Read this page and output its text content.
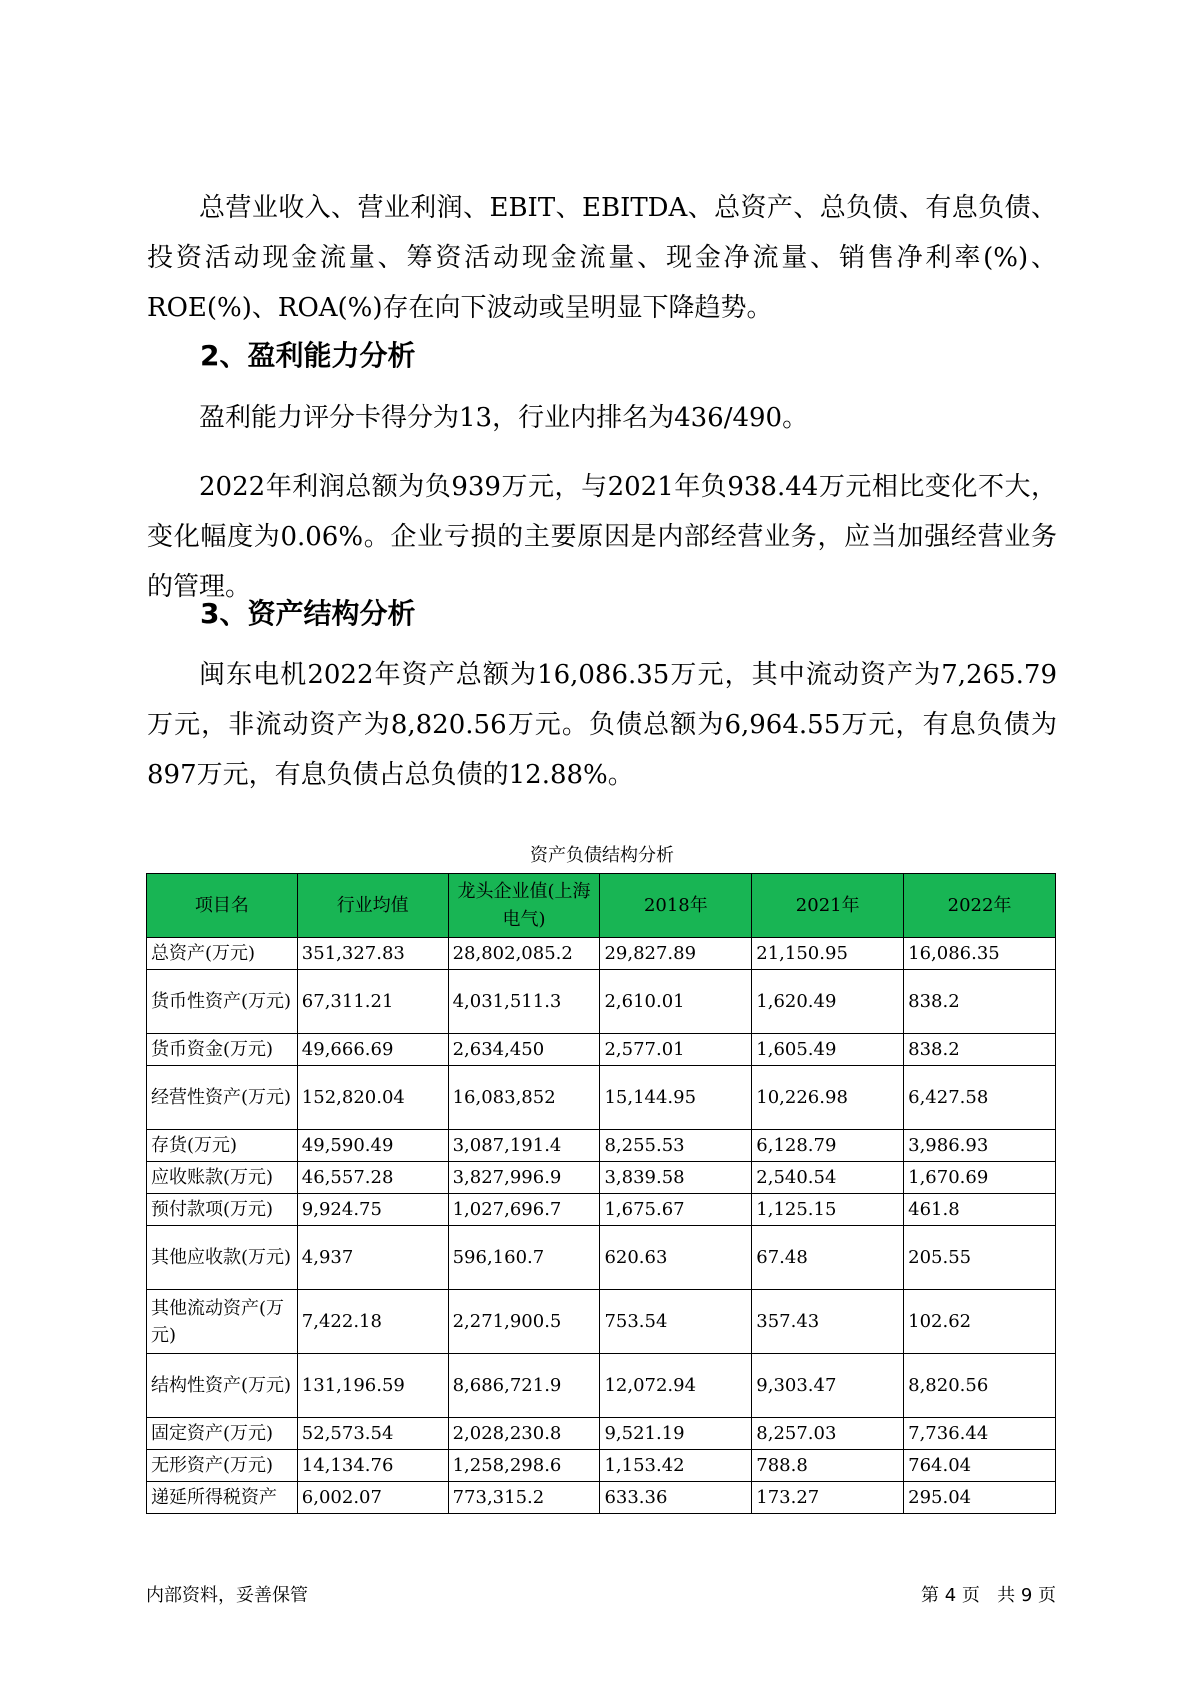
总营业收入、营业利润、EBIT、EBITDA、总资产、总负债、有息负债、投资活动现金流量、筹资活动现金流量、现金净流量、销售净利率(%)、ROE(%)、ROA(%)存在向下波动或呈明显下降趋势。

2、盈利能力分析

盈利能力评分卡得分为13，行业内排名为436/490。

2022年利润总额为负939万元，与2021年负938.44万元相比变化不大，变化幅度为0.06%。企业亏损的主要原因是内部经营业务，应当加强经营业务的管理。

3、资产结构分析

闽东电机2022年资产总额为16,086.35万元，其中流动资产为7,265.79万元，非流动资产为8,820.56万元。负债总额为6,964.55万元，有息负债为897万元，有息负债占总负债的12.88%。

资产负债结构分析
项目名	行业均值	龙头企业值(上海电气)	2018年	2021年	2022年
总资产(万元)	351,327.83	28,802,085.2	29,827.89	21,150.95	16,086.35
货币性资产(万元)	67,311.21	4,031,511.3	2,610.01	1,620.49	838.2
货币资金(万元)	49,666.69	2,634,450	2,577.01	1,605.49	838.2
经营性资产(万元)	152,820.04	16,083,852	15,144.95	10,226.98	6,427.58
存货(万元)	49,590.49	3,087,191.4	8,255.53	6,128.79	3,986.93
应收账款(万元)	46,557.28	3,827,996.9	3,839.58	2,540.54	1,670.69
预付款项(万元)	9,924.75	1,027,696.7	1,675.67	1,125.15	461.8
其他应收款(万元)	4,937	596,160.7	620.63	67.48	205.55
其他流动资产(万元)	7,422.18	2,271,900.5	753.54	357.43	102.62
结构性资产(万元)	131,196.59	8,686,721.9	12,072.94	9,303.47	8,820.56
固定资产(万元)	52,573.54	2,028,230.8	9,521.19	8,257.03	7,736.44
无形资产(万元)	14,134.76	1,258,298.6	1,153.42	788.8	764.04
递延所得税资产	6,002.07	773,315.2	633.36	173.27	295.04
内部资料，妥善保管	第 4 页   共 9 页
